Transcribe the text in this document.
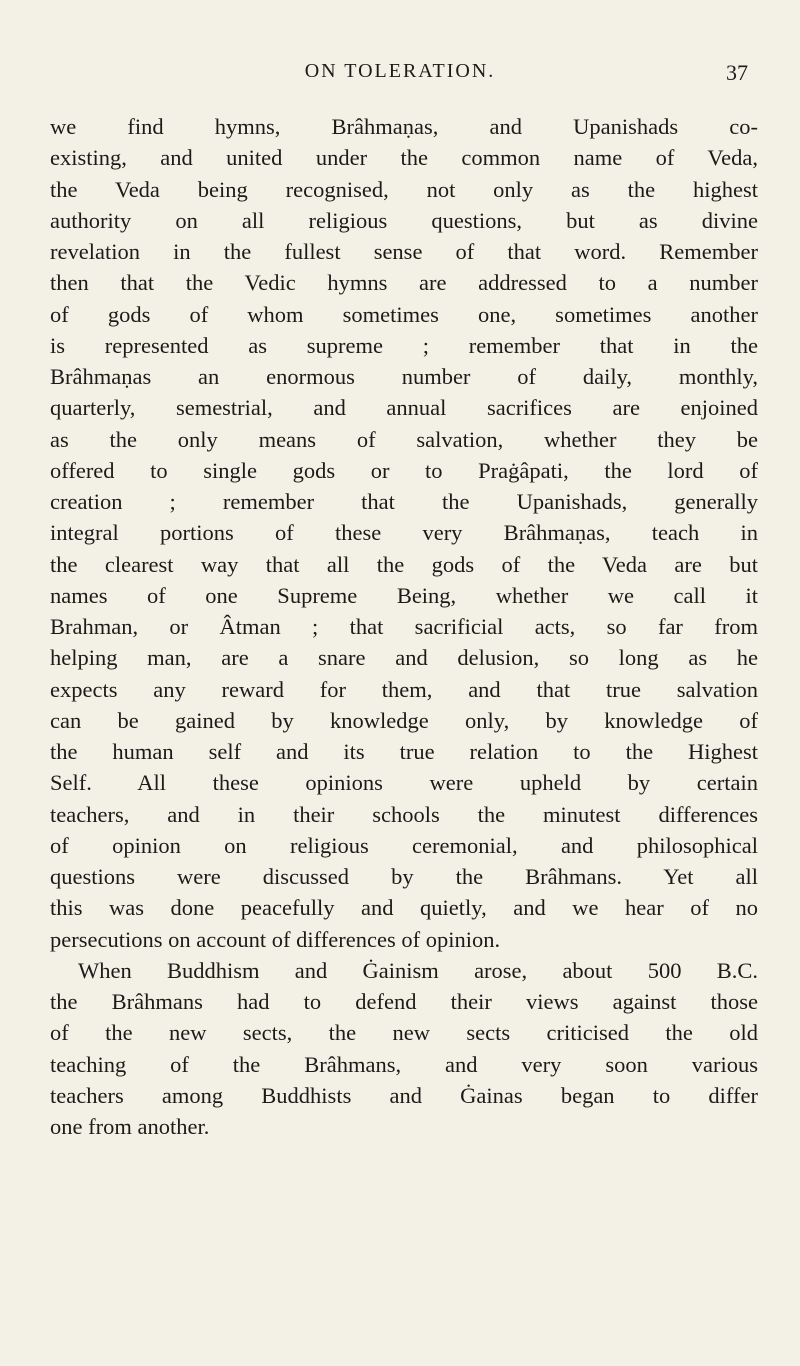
ON TOLERATION.	37
we find hymns, Brâhmaṇas, and Upanishads co-
existing, and united under the common name of Veda,
the Veda being recognised, not only as the highest
authority on all religious questions, but as divine
revelation in the fullest sense of that word. Remember
then that the Vedic hymns are addressed to a number
of gods of whom sometimes one, sometimes another
is represented as supreme ; remember that in the
Brâhmaṇas an enormous number of daily, monthly,
quarterly, semestrial, and annual sacrifices are enjoined
as the only means of salvation, whether they be
offered to single gods or to Praġâpati, the lord of
creation ; remember that the Upanishads, generally
integral portions of these very Brâhmaṇas, teach in
the clearest way that all the gods of the Veda are but
names of one Supreme Being, whether we call it
Brahman, or Âtman ; that sacrificial acts, so far from
helping man, are a snare and delusion, so long as he
expects any reward for them, and that true salvation
can be gained by knowledge only, by knowledge of
the human self and its true relation to the Highest
Self. All these opinions were upheld by certain
teachers, and in their schools the minutest differences
of opinion on religious ceremonial, and philosophical
questions were discussed by the Brâhmans. Yet all
this was done peacefully and quietly, and we hear of no
persecutions on account of differences of opinion.
When Buddhism and Ġainism arose, about 500 B.C.
the Brâhmans had to defend their views against those
of the new sects, the new sects criticised the old
teaching of the Brâhmans, and very soon various
teachers among Buddhists and Ġainas began to differ
one from another.
